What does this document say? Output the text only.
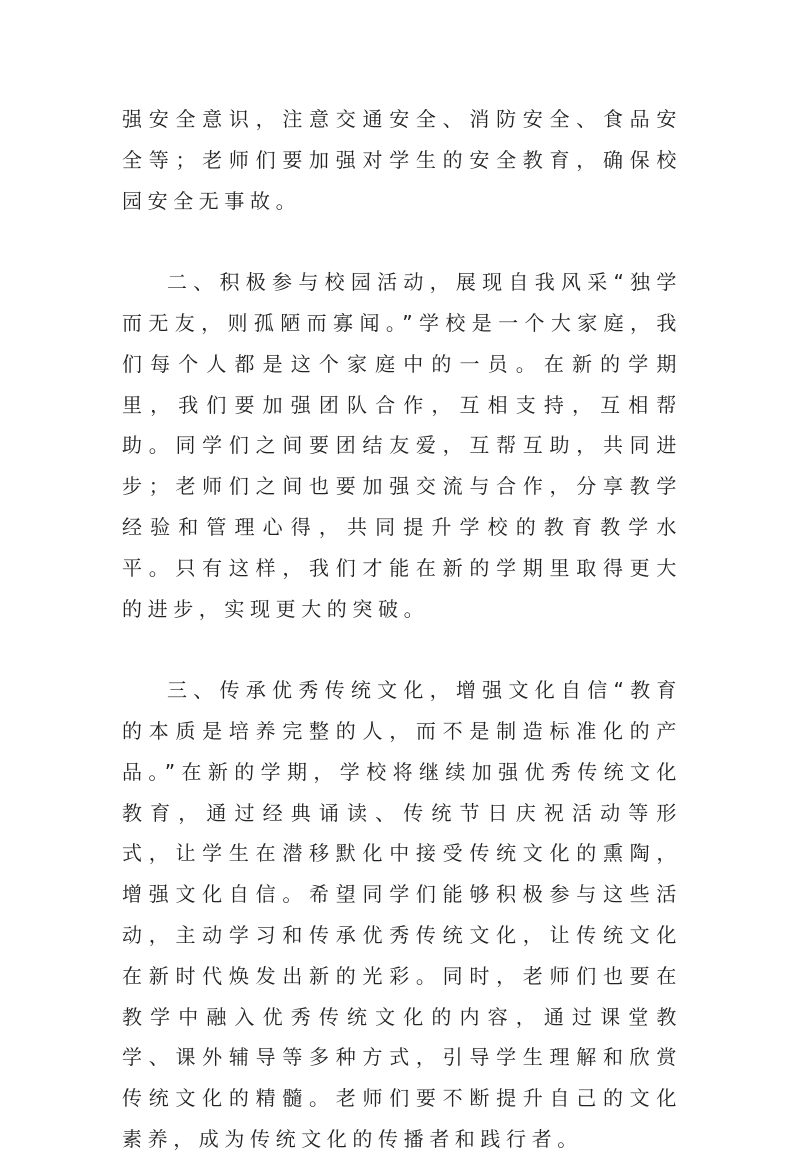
强安全意识，注意交通安全、消防安全、食品安全等；老师们要加强对学生的安全教育，确保校园安全无事故。

二、积极参与校园活动，展现自我风采“独学而无友，则孤陋而寡闻。”学校是一个大家庭，我们每个人都是这个家庭中的一员。在新的学期里，我们要加强团队合作，互相支持，互相帮助。同学们之间要团结友爱，互帮互助，共同进步；老师们之间也要加强交流与合作，分享教学经验和管理心得，共同提升学校的教育教学水平。只有这样，我们才能在新的学期里取得更大的进步，实现更大的突破。

三、传承优秀传统文化，增强文化自信“教育的本质是培养完整的人，而不是制造标准化的产品。”在新的学期，学校将继续加强优秀传统文化教育，通过经典诵读、传统节日庆祝活动等形式，让学生在潜移默化中接受传统文化的熏陶，增强文化自信。希望同学们能够积极参与这些活动，主动学习和传承优秀传统文化，让传统文化在新时代焕发出新的光彩。同时，老师们也要在教学中融入优秀传统文化的内容，通过课堂教学、课外辅导等多种方式，引导学生理解和欣赏传统文化的精髓。老师们要不断提升自己的文化素养，成为传统文化的传播者和践行者。
